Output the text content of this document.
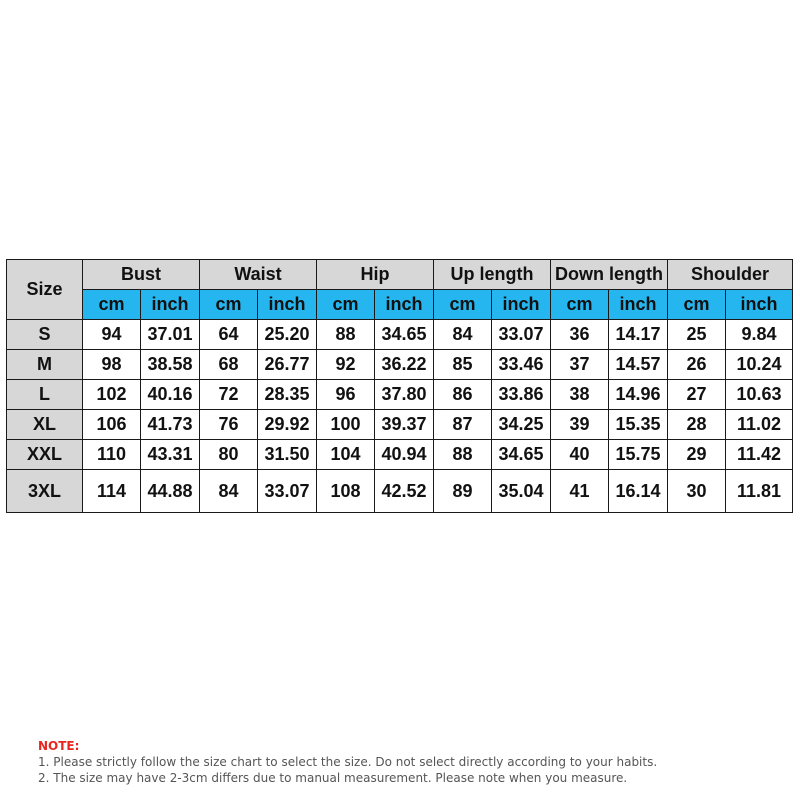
Size	Bust		Waist		Hip		Up length		Down length		Shoulder	
	cm	inch	cm	inch	cm	inch	cm	inch	cm	inch	cm	inch
S	94	37.01	64	25.20	88	34.65	84	33.07	36	14.17	25	9.84
M	98	38.58	68	26.77	92	36.22	85	33.46	37	14.57	26	10.24
L	102	40.16	72	28.35	96	37.80	86	33.86	38	14.96	27	10.63
XL	106	41.73	76	29.92	100	39.37	87	34.25	39	15.35	28	11.02
XXL	110	43.31	80	31.50	104	40.94	88	34.65	40	15.75	29	11.42
3XL	114	44.88	84	33.07	108	42.52	89	35.04	41	16.14	30	11.81
NOTE:
1. Please strictly follow the size chart to select the size. Do not select directly according to your habits.
2. The size may have 2-3cm differs due to manual measurement. Please note when you measure.
